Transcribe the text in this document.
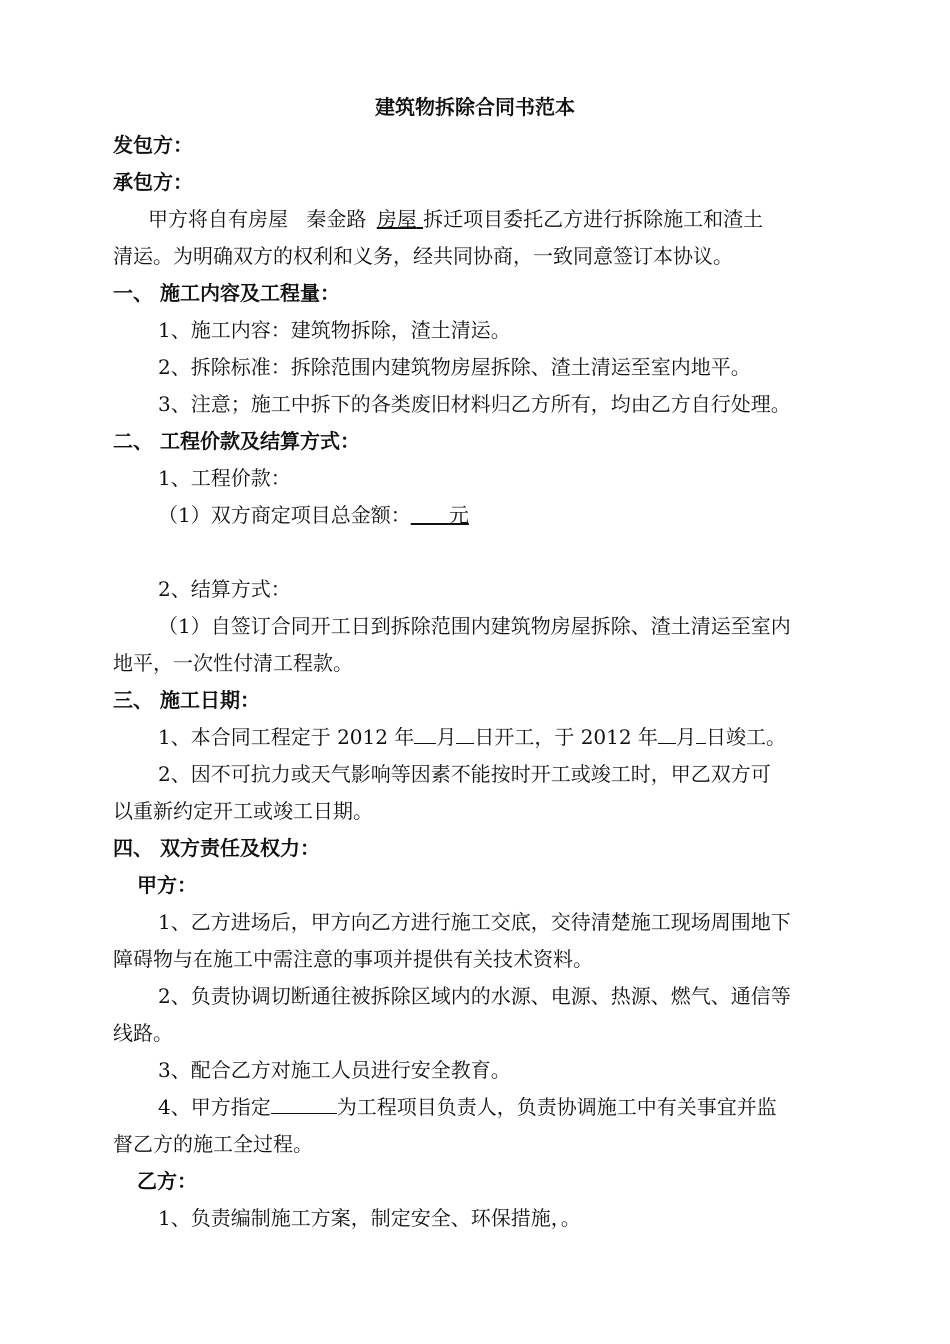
建筑物拆除合同书范本
发包方：
承包方：
甲方将自有房屋 秦金路 房屋 拆迁项目委托乙方进行拆除施工和渣土
清运。为明确双方的权利和义务，经共同协商，一致同意签订本协议。
一、 施工内容及工程量：
1、施工内容：建筑物拆除，渣土清运。
2、拆除标准：拆除范围内建筑物房屋拆除、渣土清运至室内地平。
3、注意；施工中拆下的各类废旧材料归乙方所有，均由乙方自行处理。
二、 工程价款及结算方式：
1、工程价款：
（1）双方商定项目总金额： 元
2、结算方式：
（1）自签订合同开工日到拆除范围内建筑物房屋拆除、渣土清运至室内
地平，一次性付清工程款。
三、 施工日期：
1、本合同工程定于 2012 年 月 日开工，于 2012 年 月 日竣工。
2、因不可抗力或天气影响等因素不能按时开工或竣工时，甲乙双方可
以重新约定开工或竣工日期。
四、 双方责任及权力：
甲方：
1、乙方进场后，甲方向乙方进行施工交底，交待清楚施工现场周围地下
障碍物与在施工中需注意的事项并提供有关技术资料。
2、负责协调切断通往被拆除区域内的水源、电源、热源、燃气、通信等
线路。
3、配合乙方对施工人员进行安全教育。
4、甲方指定	为工程项目负责人，负责协调施工中有关事宜并监
督乙方的施工全过程。
乙方：
1、负责编制施工方案，制定安全、环保措施，。
